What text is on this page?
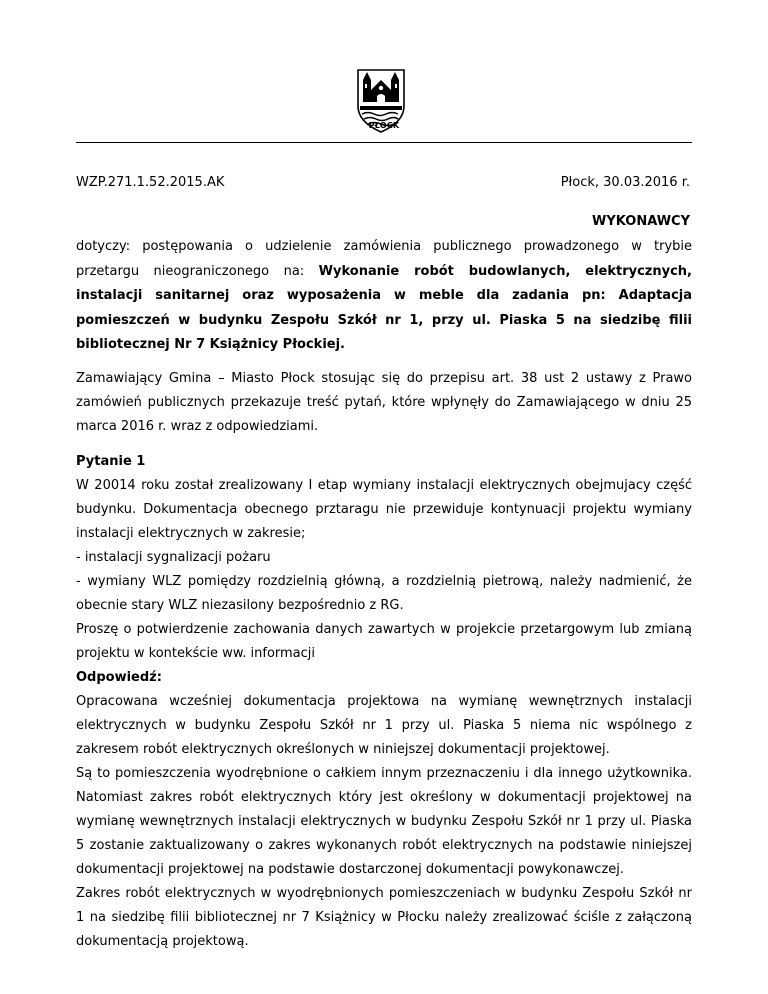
PŁOCK
WZP.271.1.52.2015.AK	Płock, 30.03.2016 r.
WYKONAWCY

dotyczy: postępowania o udzielenie zamówienia publicznego prowadzonego w trybie przetargu nieograniczonego na: Wykonanie robót budowlanych, elektrycznych, instalacji sanitarnej oraz wyposażenia w meble dla zadania pn: Adaptacja pomieszczeń w budynku Zespołu Szkół nr 1, przy ul. Piaska 5 na siedzibę filii bibliotecznej Nr 7 Książnicy Płockiej.

Zamawiający Gmina – Miasto Płock stosując się do przepisu art. 38 ust 2 ustawy z Prawo zamówień publicznych przekazuje treść pytań, które wpłynęły do Zamawiającego w dniu 25 marca 2016 r. wraz z odpowiedziami.

Pytanie 1

W 20014 roku został zrealizowany I etap wymiany instalacji elektrycznych obejmujacy część budynku. Dokumentacja obecnego prztaragu nie przewiduje kontynuacji projektu wymiany instalacji elektrycznych w zakresie;

- instalacji sygnalizacji pożaru

- wymiany WLZ pomiędzy rozdzielnią główną, a rozdzielnią pietrową, należy nadmienić, że obecnie stary WLZ niezasilony bezpośrednio z RG.

Proszę o potwierdzenie zachowania danych zawartych w projekcie przetargowym lub zmianą projektu w kontekście ww. informacji

Odpowiedź:

Opracowana wcześniej dokumentacja projektowa na wymianę wewnętrznych instalacji elektrycznych w budynku Zespołu Szkół nr 1 przy ul. Piaska 5 niema nic wspólnego z zakresem robót elektrycznych określonych w niniejszej dokumentacji projektowej.

Są to pomieszczenia wyodrębnione o całkiem innym przeznaczeniu i dla innego użytkownika. Natomiast zakres robót elektrycznych który jest określony w dokumentacji projektowej na wymianę wewnętrznych instalacji elektrycznych w budynku Zespołu Szkół nr 1 przy ul. Piaska 5 zostanie zaktualizowany o zakres wykonanych robót elektrycznych na podstawie niniejszej dokumentacji projektowej na podstawie dostarczonej dokumentacji powykonawczej.

Zakres robót elektrycznych w wyodrębnionych pomieszczeniach w budynku Zespołu Szkół nr 1 na siedzibę filii bibliotecznej nr 7 Książnicy w Płocku należy zrealizować ściśle z załączoną dokumentacją projektową.
